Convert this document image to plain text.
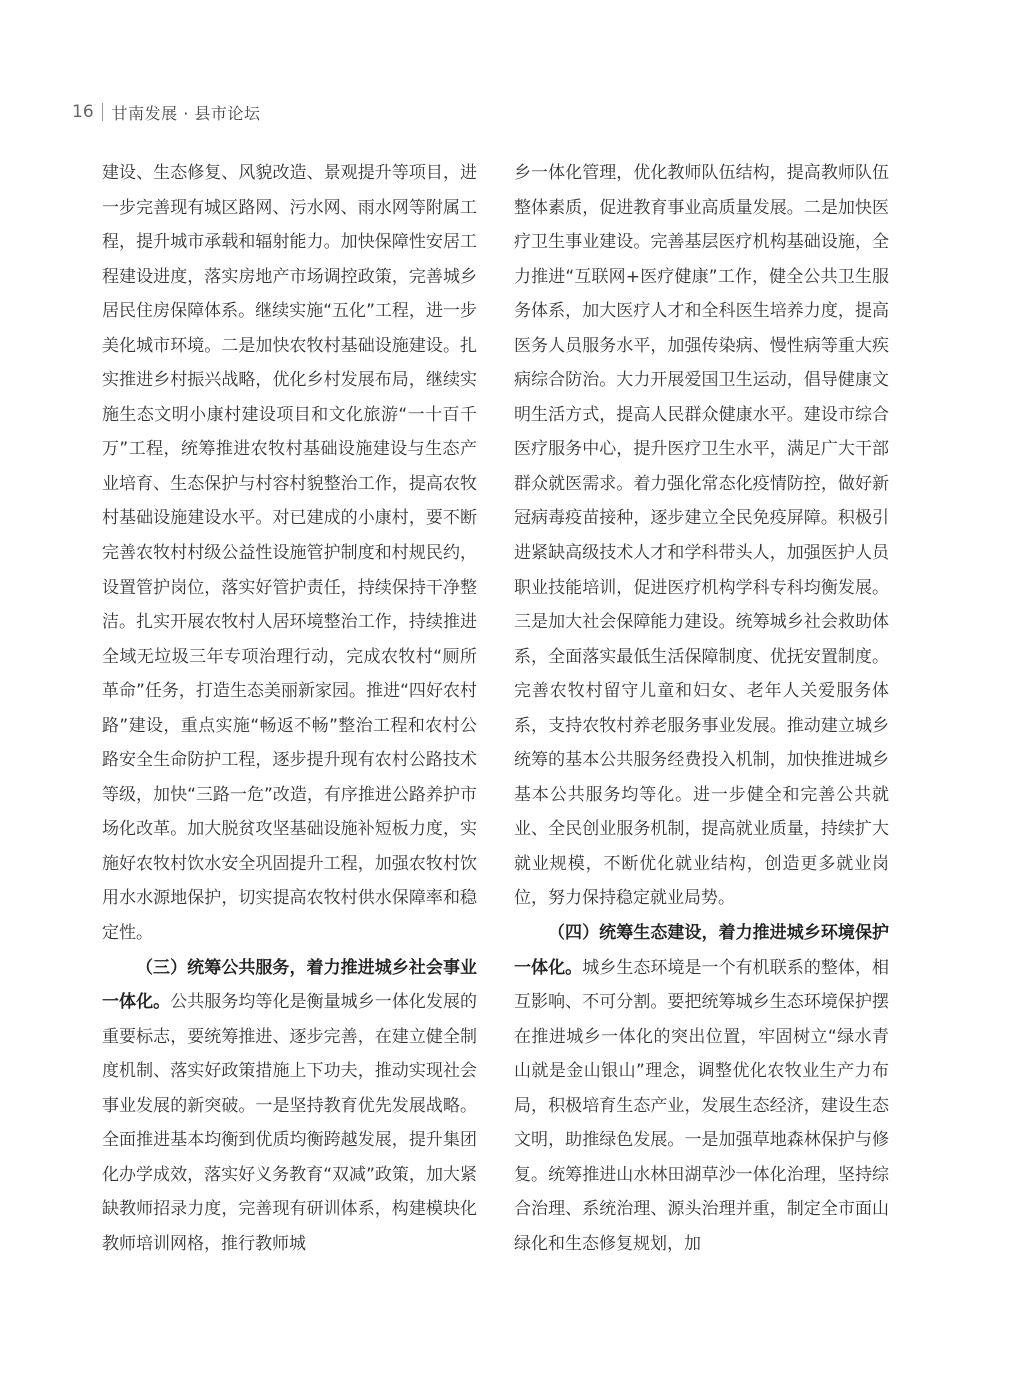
16 甘南发展 · 县市论坛

建设、生态修复、风貌改造、景观提升等项目，进一步完善现有城区路网、污水网、雨水网等附属工程，提升城市承载和辐射能力。加快保障性安居工程建设进度，落实房地产市场调控政策，完善城乡居民住房保障体系。继续实施“五化”工程，进一步美化城市环境。二是加快农牧村基础设施建设。扎实推进乡村振兴战略，优化乡村发展布局，继续实施生态文明小康村建设项目和文化旅游“一十百千万”工程，统筹推进农牧村基础设施建设与生态产业培育、生态保护与村容村貌整治工作，提高农牧村基础设施建设水平。对已建成的小康村，要不断完善农牧村村级公益性设施管护制度和村规民约，设置管护岗位，落实好管护责任，持续保持干净整洁。扎实开展农牧村人居环境整治工作，持续推进全域无垃圾三年专项治理行动，完成农牧村“厕所革命”任务，打造生态美丽新家园。推进“四好农村路”建设，重点实施“畅返不畅”整治工程和农村公路安全生命防护工程，逐步提升现有农村公路技术等级，加快“三路一危”改造，有序推进公路养护市场化改革。加大脱贫攻坚基础设施补短板力度，实施好农牧村饮水安全巩固提升工程，加强农牧村饮用水水源地保护，切实提高农牧村供水保障率和稳定性。

（三）统筹公共服务，着力推进城乡社会事业一体化。公共服务均等化是衡量城乡一体化发展的重要标志，要统筹推进、逐步完善，在建立健全制度机制、落实好政策措施上下功夫，推动实现社会事业发展的新突破。一是坚持教育优先发展战略。全面推进基本均衡到优质均衡跨越发展，提升集团化办学成效，落实好义务教育“双减”政策，加大紧缺教师招录力度，完善现有研训体系，构建模块化教师培训网格，推行教师城

乡一体化管理，优化教师队伍结构，提高教师队伍整体素质，促进教育事业高质量发展。二是加快医疗卫生事业建设。完善基层医疗机构基础设施，全力推进“互联网+医疗健康”工作，健全公共卫生服务体系，加大医疗人才和全科医生培养力度，提高医务人员服务水平，加强传染病、慢性病等重大疾病综合防治。大力开展爱国卫生运动，倡导健康文明生活方式，提高人民群众健康水平。建设市综合医疗服务中心，提升医疗卫生水平，满足广大干部群众就医需求。着力强化常态化疫情防控，做好新冠病毒疫苗接种，逐步建立全民免疫屏障。积极引进紧缺高级技术人才和学科带头人，加强医护人员职业技能培训，促进医疗机构学科专科均衡发展。三是加大社会保障能力建设。统筹城乡社会救助体系，全面落实最低生活保障制度、优抚安置制度。完善农牧村留守儿童和妇女、老年人关爱服务体系，支持农牧村养老服务事业发展。推动建立城乡统筹的基本公共服务经费投入机制，加快推进城乡基本公共服务均等化。进一步健全和完善公共就业、全民创业服务机制，提高就业质量，持续扩大就业规模，不断优化就业结构，创造更多就业岗位，努力保持稳定就业局势。

（四）统筹生态建设，着力推进城乡环境保护一体化。城乡生态环境是一个有机联系的整体，相互影响、不可分割。要把统筹城乡生态环境保护摆在推进城乡一体化的突出位置，牢固树立“绿水青山就是金山银山”理念，调整优化农牧业生产力布局，积极培育生态产业，发展生态经济，建设生态文明，助推绿色发展。一是加强草地森林保护与修复。统筹推进山水林田湖草沙一体化治理，坚持综合治理、系统治理、源头治理并重，制定全市面山绿化和生态修复规划，加
